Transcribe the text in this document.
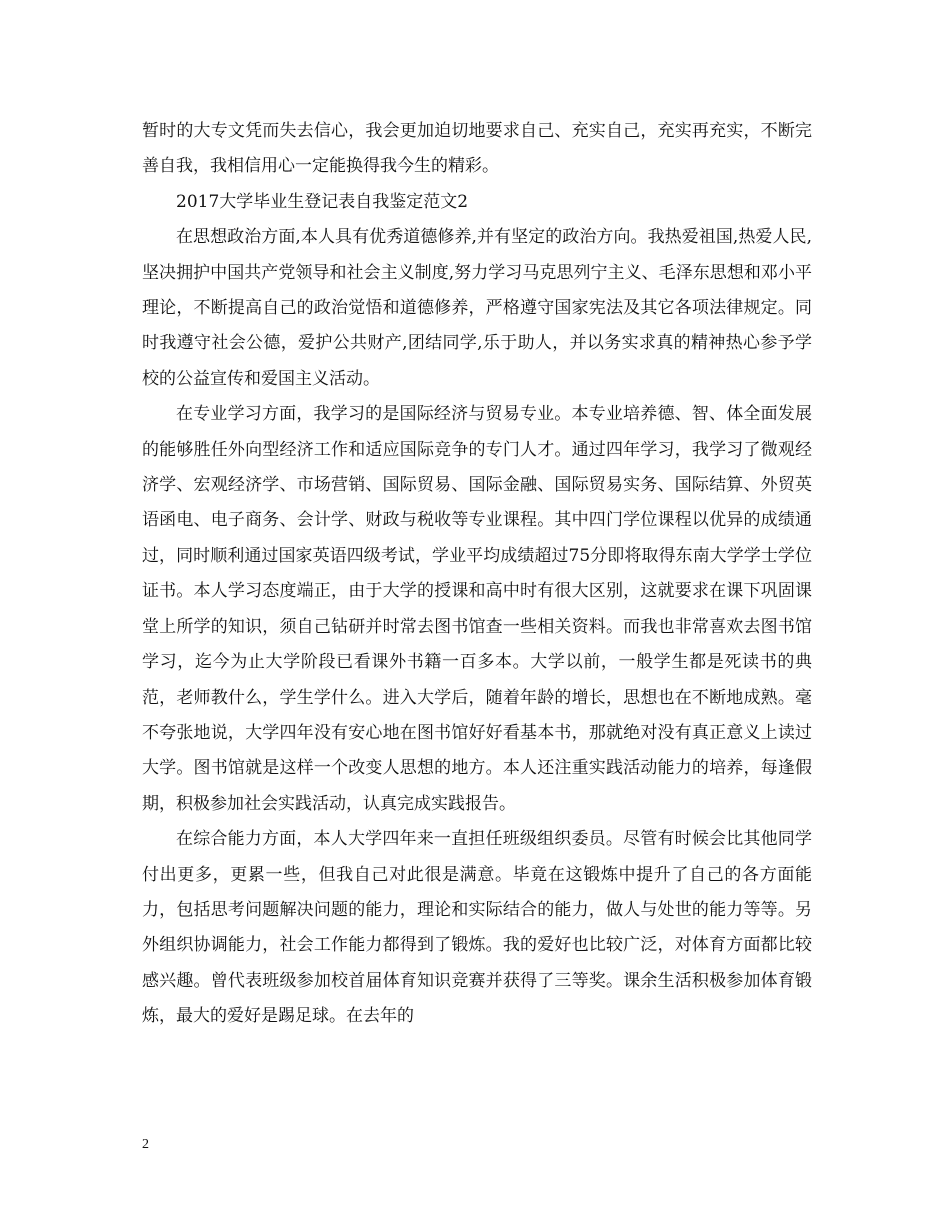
暂时的大专文凭而失去信心，我会更加迫切地要求自己、充实自己，充实再充实，不断完善自我，我相信用心一定能换得我今生的精彩。

2017大学毕业生登记表自我鉴定范文2

在思想政治方面,本人具有优秀道德修养,并有坚定的政治方向。我热爱祖国,热爱人民,坚决拥护中国共产党领导和社会主义制度,努力学习马克思列宁主义、毛泽东思想和邓小平理论，不断提高自己的政治觉悟和道德修养，严格遵守国家宪法及其它各项法律规定。同时我遵守社会公德，爱护公共财产,团结同学,乐于助人，并以务实求真的精神热心参予学校的公益宣传和爱国主义活动。

在专业学习方面，我学习的是国际经济与贸易专业。本专业培养德、智、体全面发展的能够胜任外向型经济工作和适应国际竞争的专门人才。通过四年学习，我学习了微观经济学、宏观经济学、市场营销、国际贸易、国际金融、国际贸易实务、国际结算、外贸英语函电、电子商务、会计学、财政与税收等专业课程。其中四门学位课程以优异的成绩通过，同时顺利通过国家英语四级考试，学业平均成绩超过75分即将取得东南大学学士学位证书。本人学习态度端正，由于大学的授课和高中时有很大区别，这就要求在课下巩固课堂上所学的知识，须自己钻研并时常去图书馆查一些相关资料。而我也非常喜欢去图书馆学习，迄今为止大学阶段已看课外书籍一百多本。大学以前，一般学生都是死读书的典范，老师教什么，学生学什么。进入大学后，随着年龄的增长，思想也在不断地成熟。毫不夸张地说，大学四年没有安心地在图书馆好好看基本书，那就绝对没有真正意义上读过大学。图书馆就是这样一个改变人思想的地方。本人还注重实践活动能力的培养，每逢假期，积极参加社会实践活动，认真完成实践报告。

在综合能力方面，本人大学四年来一直担任班级组织委员。尽管有时候会比其他同学付出更多，更累一些，但我自己对此很是满意。毕竟在这锻炼中提升了自己的各方面能力，包括思考问题解决问题的能力，理论和实际结合的能力，做人与处世的能力等等。另外组织协调能力，社会工作能力都得到了锻炼。我的爱好也比较广泛，对体育方面都比较感兴趣。曾代表班级参加校首届体育知识竞赛并获得了三等奖。课余生活积极参加体育锻炼，最大的爱好是踢足球。在去年的

2
